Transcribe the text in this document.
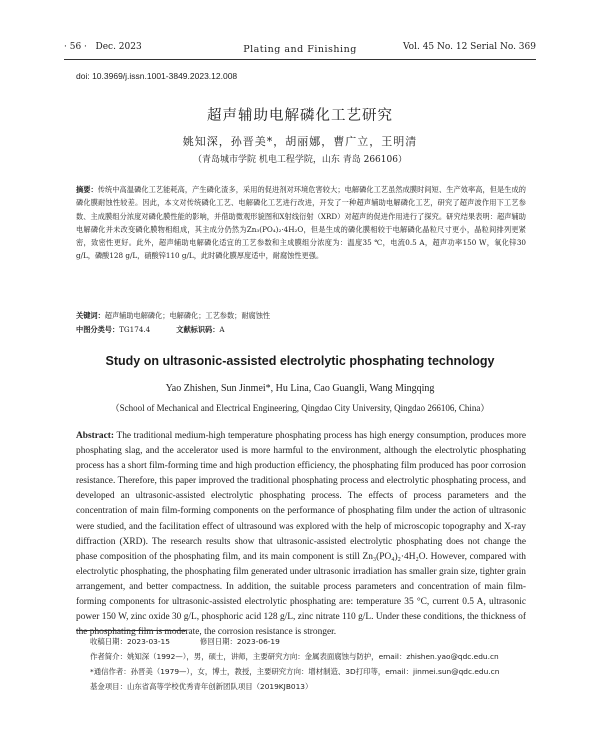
· 56 · Dec. 2023	Plating and Finishing	Vol. 45 No. 12 Serial No. 369
doi: 10.3969/j.issn.1001-3849.2023.12.008
超声辅助电解磷化工艺研究
姚知深，孙晋美*，胡丽娜，曹广立，王明清
（青岛城市学院 机电工程学院，山东 青岛 266106）
摘要：传统中高温磷化工艺能耗高，产生磷化渣多，采用的促进剂对环境危害较大；电解磷化工艺虽然成膜时间短、生产效率高，但是生成的磷化膜耐蚀性较差。因此，本文对传统磷化工艺、电解磷化工艺进行改进，开发了一种超声辅助电解磷化工艺，研究了超声波作用下工艺参数、主成膜组分浓度对磷化膜性能的影响，并借助微观形貌图和X射线衍射（XRD）对超声的促进作用进行了探究。研究结果表明：超声辅助电解磷化并未改变磷化膜物相组成，其主成分仍然为Zn₃(PO₄)₂·4H₂O，但是生成的磷化膜相较于电解磷化晶粒尺寸更小，晶粒间排列更紧密，致密性更好。此外，超声辅助电解磷化适宜的工艺参数和主成膜组分浓度为：温度35 ℃，电流0.5 A，超声功率150 W，氧化锌30 g/L，磷酸128 g/L，硝酸锌110 g/L，此时磷化膜厚度适中，耐腐蚀性更强。
关键词：超声辅助电解磷化；电解磷化；工艺参数；耐腐蚀性
中图分类号：TG174.4	文献标识码：A
Study on ultrasonic-assisted electrolytic phosphating technology
Yao Zhishen, Sun Jinmei*, Hu Lina, Cao Guangli, Wang Mingqing
（School of Mechanical and Electrical Engineering, Qingdao City University, Qingdao 266106, China）
Abstract: The traditional medium-high temperature phosphating process has high energy consumption, produces more phosphating slag, and the accelerator used is more harmful to the environment, although the electrolytic phosphating process has a short film-forming time and high production efficiency, the phosphating film produced has poor corrosion resistance. Therefore, this paper improved the traditional phosphating process and electrolytic phosphating process, and developed an ultrasonic-assisted electrolytic phosphating process. The effects of process parameters and the concentration of main film-forming components on the performance of phosphating film under the action of ultrasonic were studied, and the facilitation effect of ultrasound was explored with the help of microscopic topography and X-ray diffraction (XRD). The research results show that ultrasonic-assisted electrolytic phosphating does not change the phase composition of the phosphating film, and its main component is still Zn₃(PO₄)₂·4H₂O. However, compared with electrolytic phosphating, the phosphating film generated under ultrasonic irradiation has smaller grain size, tighter grain arrangement, and better compactness. In addition, the suitable process parameters and concentration of main film-forming components for ultrasonic-assisted electrolytic phosphating are: temperature 35 °C, current 0.5 A, ultrasonic power 150 W, zinc oxide 30 g/L, phosphoric acid 128 g/L, zinc nitrate 110 g/L. Under these conditions, the thickness of the phosphating film is moderate, the corrosion resistance is stronger.
收稿日期：2023-03-15	修回日期：2023-06-19
作者简介：姚知深（1992—），男，硕士，讲师，主要研究方向：金属表面腐蚀与防护，email：zhishen.yao@qdc.edu.cn
*通信作者：孙晋美（1979—），女，博士，教授，主要研究方向：增材制造、3D打印等，email：jinmei.sun@qdc.edu.cn
基金项目：山东省高等学校优秀青年创新团队项目（2019KJB013）
